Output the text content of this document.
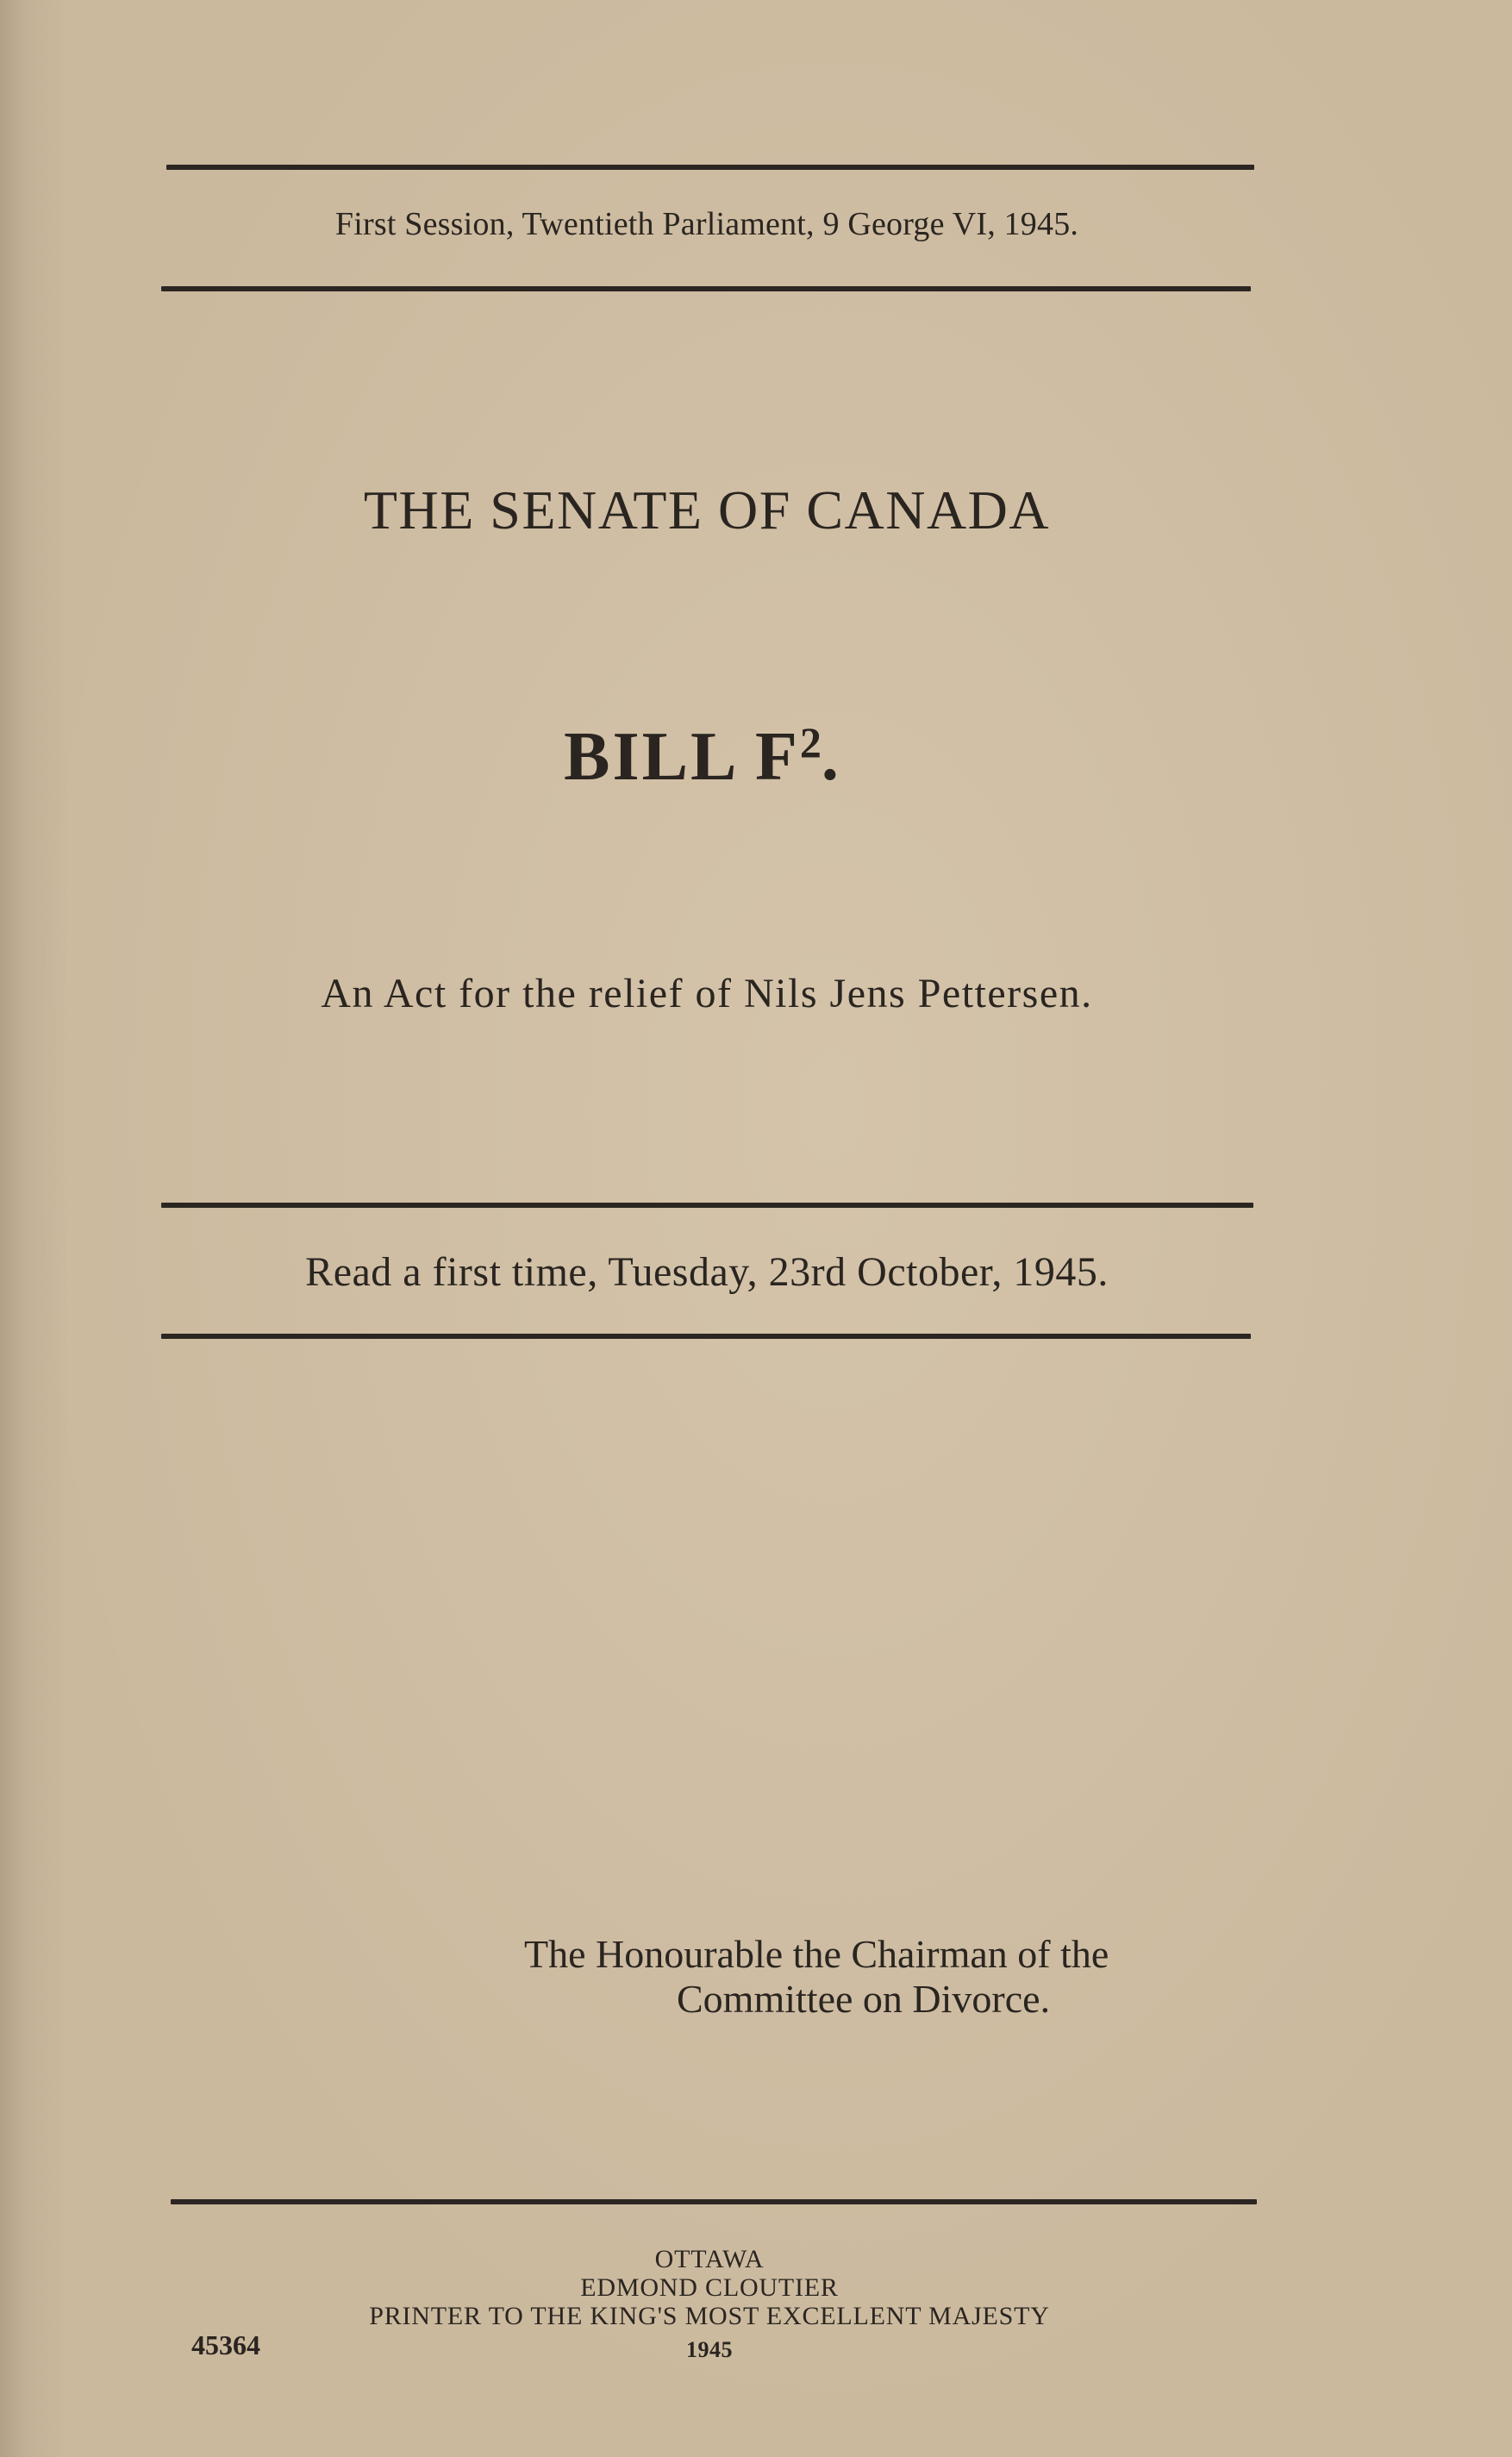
First Session, Twentieth Parliament, 9 George VI, 1945.
THE SENATE OF CANADA
BILL $F^2$.
An Act for the relief of Nils Jens Pettersen.
Read a first time, Tuesday, 23rd October, 1945.
The Honourable the Chairman of the
Committee on Divorce.
OTTAWA
EDMOND CLOUTIER
PRINTER TO THE KING'S MOST EXCELLENT MAJESTY
1945
45364
